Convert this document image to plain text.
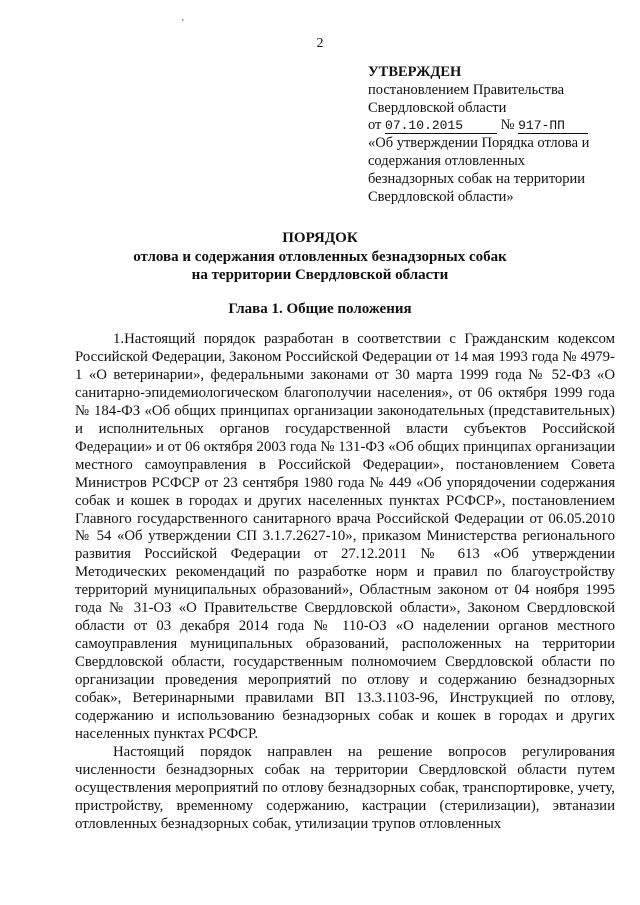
'
2
УТВЕРЖДЕН
постановлением Правительства
Свердловской области
от 07.10.2015	№ 917-ПП
«Об утверждении Порядка отлова и
содержания отловленных
безнадзорных собак на территории
Свердловской области»
ПОРЯДОК
отлова и содержания отловленных безнадзорных собак
на территории Свердловской области
Глава 1. Общие положения

1.Настоящий порядок разработан в соответствии с Гражданским кодексом Российской Федерации, Законом Российской Федерации от 14 мая 1993 года № 4979-1 «О ветеринарии», федеральными законами от 30 марта 1999 года № 52-ФЗ «О санитарно-эпидемиологическом благополучии населения», от 06 октября 1999 года № 184-ФЗ «Об общих принципах организации законодательных (представительных) и исполнительных органов государственной власти субъектов Российской Федерации» и от 06 октября 2003 года № 131-ФЗ «Об общих принципах организации местного самоуправления в Российской Федерации», постановлением Совета Министров РСФСР от 23 сентября 1980 года № 449 «Об упорядочении содержания собак и кошек в городах и других населенных пунктах РСФСР», постановлением Главного государственного санитарного врача Российской Федерации от 06.05.2010 № 54 «Об утверждении СП 3.1.7.2627-10», приказом Министерства регионального развития Российской Федерации от 27.12.2011 № 613 «Об утверждении Методических рекомендаций по разработке норм и правил по благоустройству территорий муниципальных образований», Областным законом от 04 ноября 1995 года № 31-ОЗ «О Правительстве Свердловской области», Законом Свердловской области от 03 декабря 2014 года № 110-ОЗ «О наделении органов местного самоуправления муниципальных образований, расположенных на территории Свердловской области, государственным полномочием Свердловской области по организации проведения мероприятий по отлову и содержанию безнадзорных собак», Ветеринарными правилами ВП 13.3.1103-96, Инструкцией по отлову, содержанию и использованию безнадзорных собак и кошек в городах и других населенных пунктах РСФСР.

Настоящий порядок направлен на решение вопросов регулирования численности безнадзорных собак на территории Свердловской области путем осуществления мероприятий по отлову безнадзорных собак, транспортировке, учету, пристройству, временному содержанию, кастрации (стерилизации), эвтаназии отловленных безнадзорных собак, утилизации трупов отловленных
